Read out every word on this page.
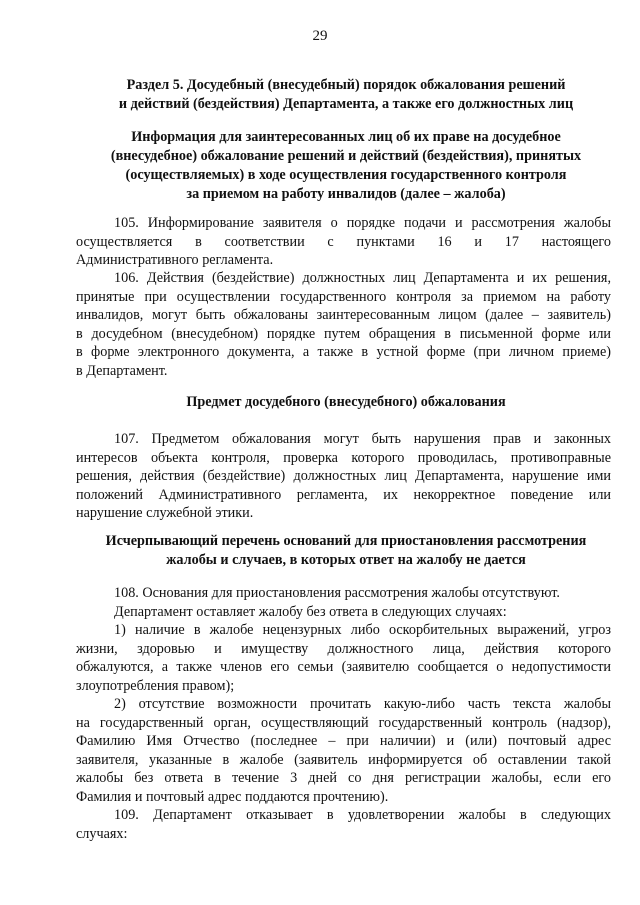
29
Раздел 5. Досудебный (внесудебный) порядок обжалования решений
и действий (бездействия) Департамента, а также его должностных лиц
Информация для заинтересованных лиц об их праве на досудебное
(внесудебное) обжалование решений и действий (бездействия), принятых
(осуществляемых) в ходе осуществления государственного контроля
за приемом на работу инвалидов (далее – жалоба)
105. Информирование заявителя о порядке подачи и рассмотрения жалобы
осуществляется в соответствии с пунктами 16 и 17 настоящего
Административного регламента.
106. Действия (бездействие) должностных лиц Департамента и их решения,
принятые при осуществлении государственного контроля за приемом на работу
инвалидов, могут быть обжалованы заинтересованным лицом (далее – заявитель)
в досудебном (внесудебном) порядке путем обращения в письменной форме или
в форме электронного документа, а также в устной форме (при личном приеме)
в Департамент.
Предмет досудебного (внесудебного) обжалования
107. Предметом обжалования могут быть нарушения прав и законных
интересов объекта контроля, проверка которого проводилась, противоправные
решения, действия (бездействие) должностных лиц Департамента, нарушение ими
положений Административного регламента, их некорректное поведение или
нарушение служебной этики.
Исчерпывающий перечень оснований для приостановления рассмотрения
жалобы и случаев, в которых ответ на жалобу не дается
108. Основания для приостановления рассмотрения жалобы отсутствуют.
Департамент оставляет жалобу без ответа в следующих случаях:
1) наличие в жалобе нецензурных либо оскорбительных выражений, угроз
жизни, здоровью и имуществу должностного лица, действия которого
обжалуются, а также членов его семьи (заявителю сообщается о недопустимости
злоупотребления правом);
2) отсутствие возможности прочитать какую-либо часть текста жалобы
на государственный орган, осуществляющий государственный контроль (надзор),
Фамилию Имя Отчество (последнее – при наличии) и (или) почтовый адрес
заявителя, указанные в жалобе (заявитель информируется об оставлении такой
жалобы без ответа в течение 3 дней со дня регистрации жалобы, если его
Фамилия и почтовый адрес поддаются прочтению).
109. Департамент отказывает в удовлетворении жалобы в следующих
случаях:
